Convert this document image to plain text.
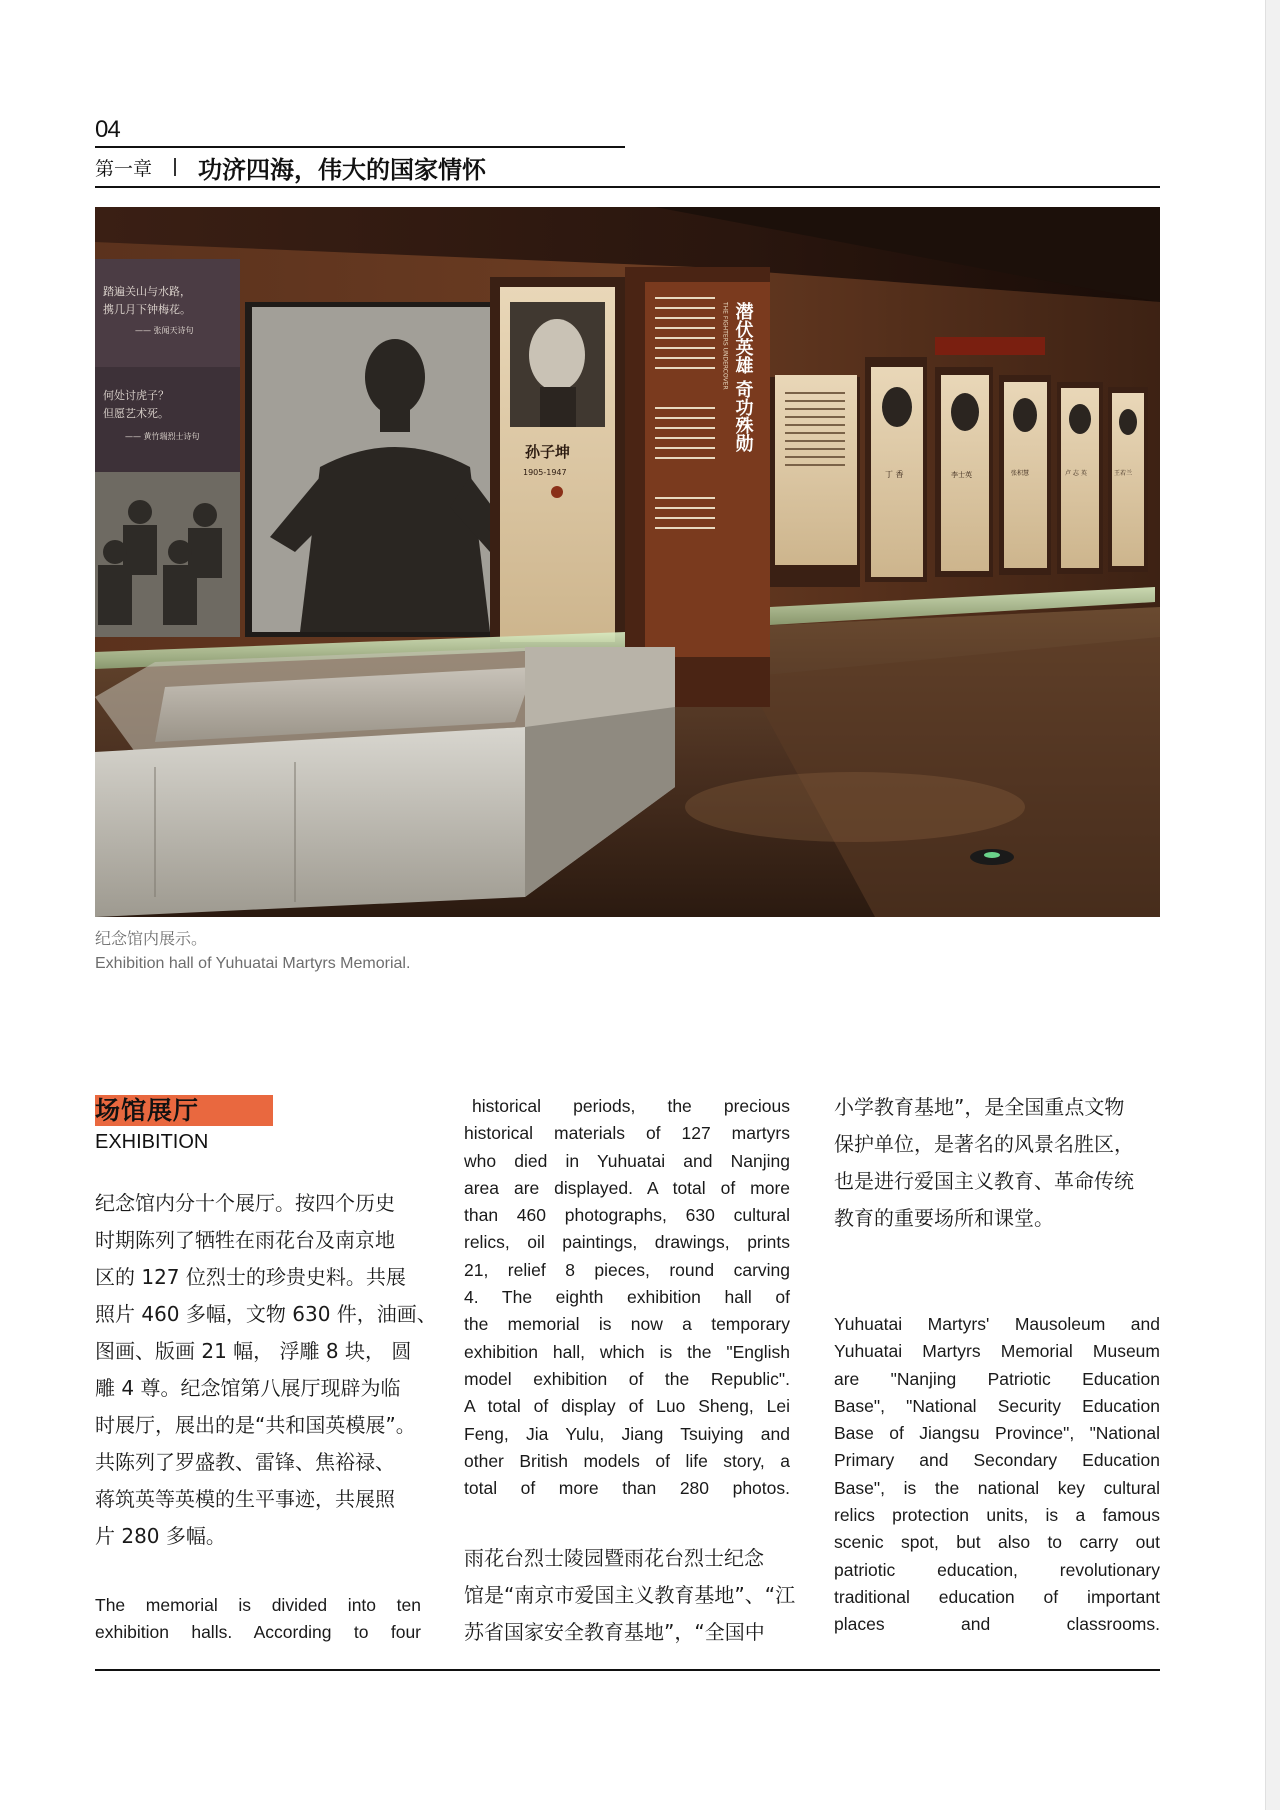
04
第一章 功济四海，伟大的国家情怀
踏遍关山与水路，
携几月下钟梅花。
—— 张闻天诗句
何处讨虎子？
但愿艺术死。
—— 黄竹瑞烈士诗句
孙子坤
1905-1947
潜伏英雄 奇功殊勋
THE FIGHTERS UNDERCOVER
丁 香	李士英	张积慧	卢 志 英	王若兰
纪念馆内展示。
Exhibition hall of Yuhuatai Martyrs Memorial.
场馆展厅
EXHIBITION
纪念馆内分十个展厅。按四个历史
时期陈列了牺牲在雨花台及南京地
区的 127 位烈士的珍贵史料。共展
照片 460 多幅，文物 630 件，油画、
图画、版画 21 幅， 浮雕 8 块， 圆
雕 4 尊。纪念馆第八展厅现辟为临
时展厅，展出的是“共和国英模展”。
共陈列了罗盛教、雷锋、焦裕禄、
蒋筑英等英模的生平事迹，共展照
片 280 多幅。
The memorial is divided into ten
exhibition halls. According to four
historical periods, the precious
historical materials of 127 martyrs
who died in Yuhuatai and Nanjing
area are displayed. A total of more
than 460 photographs, 630 cultural
relics, oil paintings, drawings, prints
21, relief 8 pieces, round carving
4. The eighth exhibition hall of
the memorial is now a temporary
exhibition hall, which is the "English
model exhibition of the Republic".
A total of display of Luo Sheng, Lei
Feng, Jia Yulu, Jiang Tsuiying and
other British models of life story, a
total of more than 280 photos.
雨花台烈士陵园暨雨花台烈士纪念
馆是“南京市爱国主义教育基地”、“江
苏省国家安全教育基地”，“全国中
小学教育基地”，是全国重点文物
保护单位，是著名的风景名胜区，
也是进行爱国主义教育、革命传统
教育的重要场所和课堂。
Yuhuatai Martyrs' Mausoleum and
Yuhuatai Martyrs Memorial Museum
are "Nanjing Patriotic Education
Base", "National Security Education
Base of Jiangsu Province", "National
Primary and Secondary Education
Base", is the national key cultural
relics protection units, is a famous
scenic spot, but also to carry out
patriotic education, revolutionary
traditional education of important
places and classrooms.
